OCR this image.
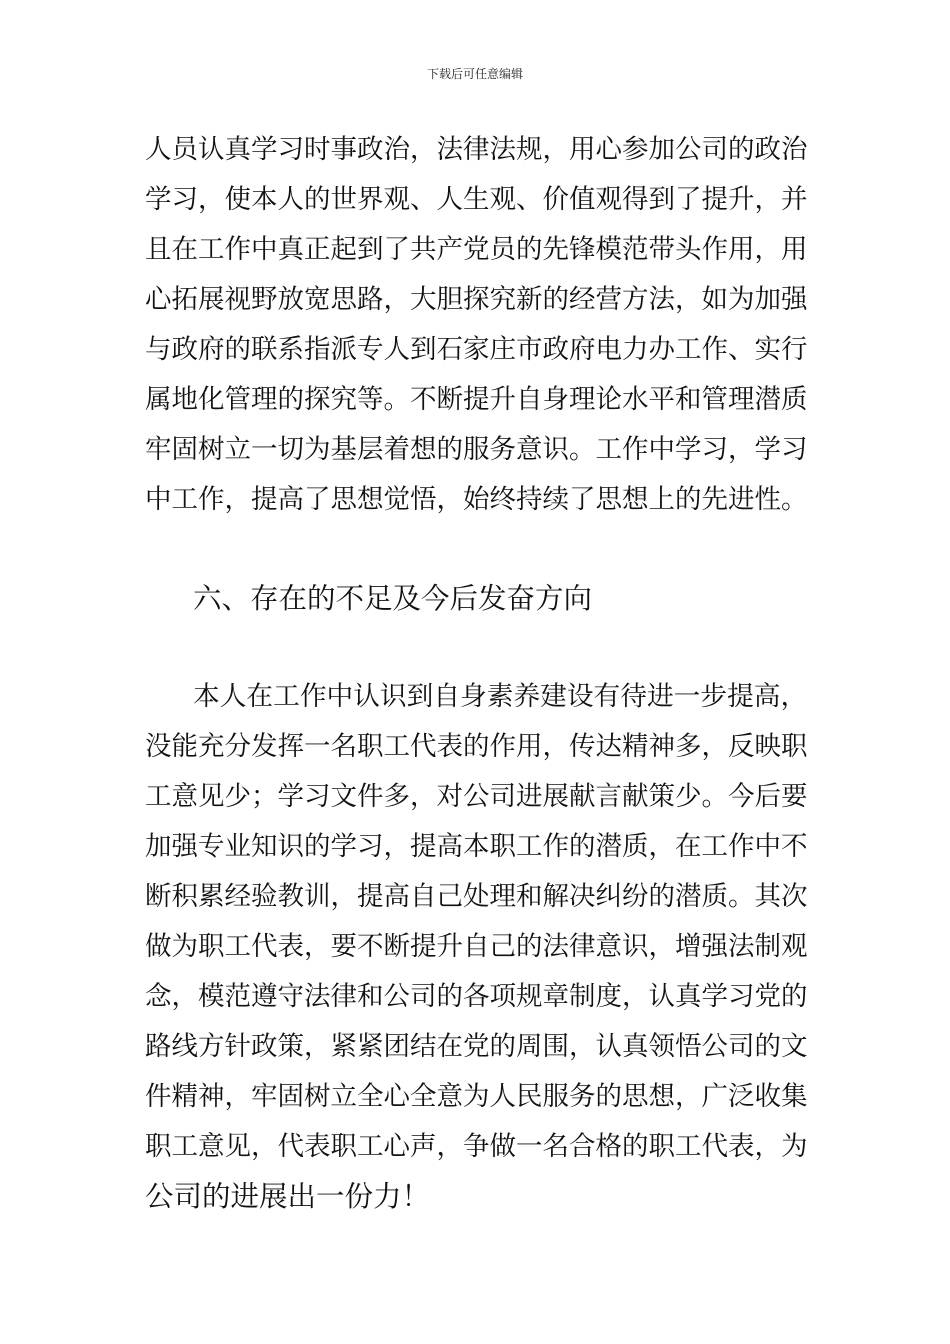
下载后可任意编辑
人员认真学习时事政治，法律法规，用心参加公司的政治
学习，使本人的世界观、人生观、价值观得到了提升，并
且在工作中真正起到了共产党员的先锋模范带头作用，用
心拓展视野放宽思路，大胆探究新的经营方法，如为加强
与政府的联系指派专人到石家庄市政府电力办工作、实行
属地化管理的探究等。不断提升自身理论水平和管理潜质
牢固树立一切为基层着想的服务意识。工作中学习，学习
中工作，提高了思想觉悟，始终持续了思想上的先进性。
六、存在的不足及今后发奋方向
本人在工作中认识到自身素养建设有待进一步提高，
没能充分发挥一名职工代表的作用，传达精神多，反映职
工意见少；学习文件多，对公司进展献言献策少。今后要
加强专业知识的学习，提高本职工作的潜质，在工作中不
断积累经验教训，提高自己处理和解决纠纷的潜质。其次
做为职工代表，要不断提升自己的法律意识，增强法制观
念，模范遵守法律和公司的各项规章制度，认真学习党的
路线方针政策，紧紧团结在党的周围，认真领悟公司的文
件精神，牢固树立全心全意为人民服务的思想，广泛收集
职工意见，代表职工心声，争做一名合格的职工代表，为
公司的进展出一份力！
